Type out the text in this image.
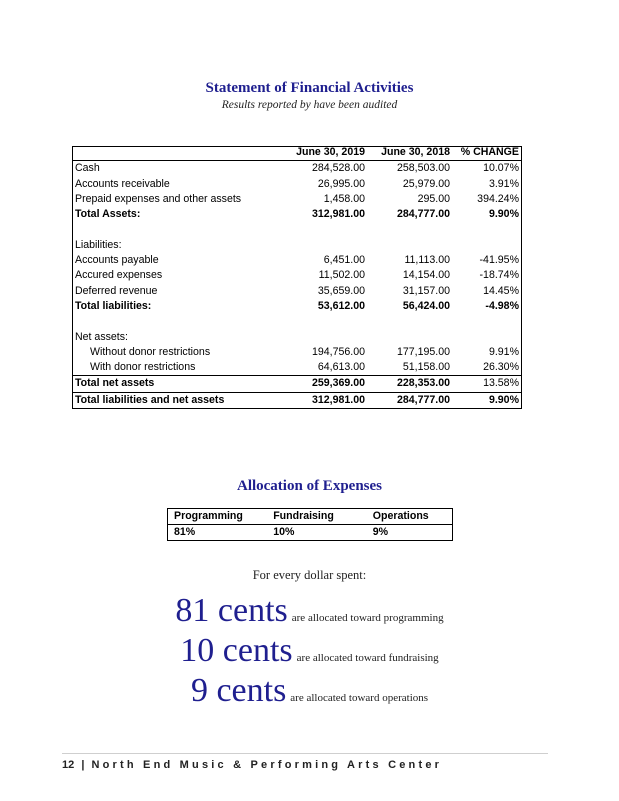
Statement of Financial Activities
Results reported by have been audited
	June 30, 2019	June 30, 2018	% CHANGE
Cash	284,528.00	258,503.00	10.07%
Accounts receivable	26,995.00	25,979.00	3.91%
Prepaid expenses and other assets	1,458.00	295.00	394.24%
Total Assets:	312,981.00	284,777.00	9.90%

Liabilities:			
Accounts payable	6,451.00	11,113.00	-41.95%
Accured expenses	11,502.00	14,154.00	-18.74%
Deferred revenue	35,659.00	31,157.00	14.45%
Total liabilities:	53,612.00	56,424.00	-4.98%

Net assets:			
Without donor restrictions	194,756.00	177,195.00	9.91%
With donor restrictions	64,613.00	51,158.00	26.30%
Total net assets	259,369.00	228,353.00	13.58%
Total liabilities and net assets	312,981.00	284,777.00	9.90%
Allocation of Expenses
Programming	Fundraising	Operations
81%	10%	9%
For every dollar spent:
81 cents are allocated toward programming
10 cents are allocated toward fundraising
9 cents are allocated toward operations
12 | North End Music & Performing Arts Center
